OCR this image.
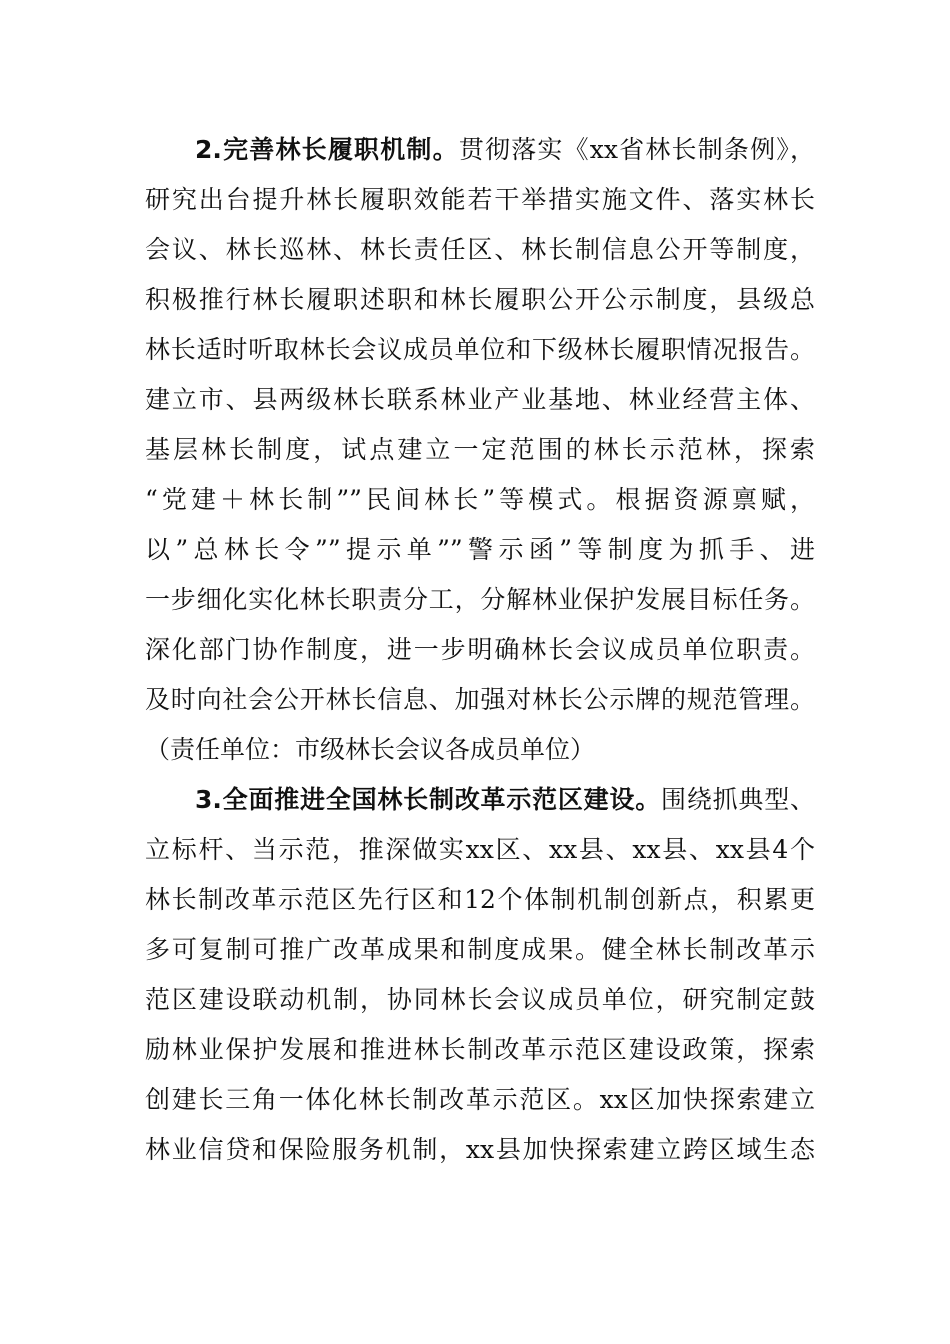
2.完善林长履职机制。贯彻落实《xx省林长制条例》，
研究出台提升林长履职效能若干举措实施文件、落实林长
会议、林长巡林、林长责任区、林长制信息公开等制度，
积极推行林长履职述职和林长履职公开公示制度，县级总
林长适时听取林长会议成员单位和下级林长履职情况报告。
建立市、县两级林长联系林业产业基地、林业经营主体、
基层林长制度，试点建立一定范围的林长示范林，探索
“党建＋林长制””民间林长”等模式。根据资源禀赋，
以”总林长令””提示单””警示函”等制度为抓手、进
一步细化实化林长职责分工，分解林业保护发展目标任务。
深化部门协作制度，进一步明确林长会议成员单位职责。
及时向社会公开林长信息、加强对林长公示牌的规范管理。
（责任单位：市级林长会议各成员单位）
3.全面推进全国林长制改革示范区建设。围绕抓典型、
立标杆、当示范，推深做实xx区、xx县、xx县、xx县4个
林长制改革示范区先行区和12个体制机制创新点，积累更
多可复制可推广改革成果和制度成果。健全林长制改革示
范区建设联动机制，协同林长会议成员单位，研究制定鼓
励林业保护发展和推进林长制改革示范区建设政策，探索
创建长三角一体化林长制改革示范区。xx区加快探索建立
林业信贷和保险服务机制，xx县加快探索建立跨区域生态
